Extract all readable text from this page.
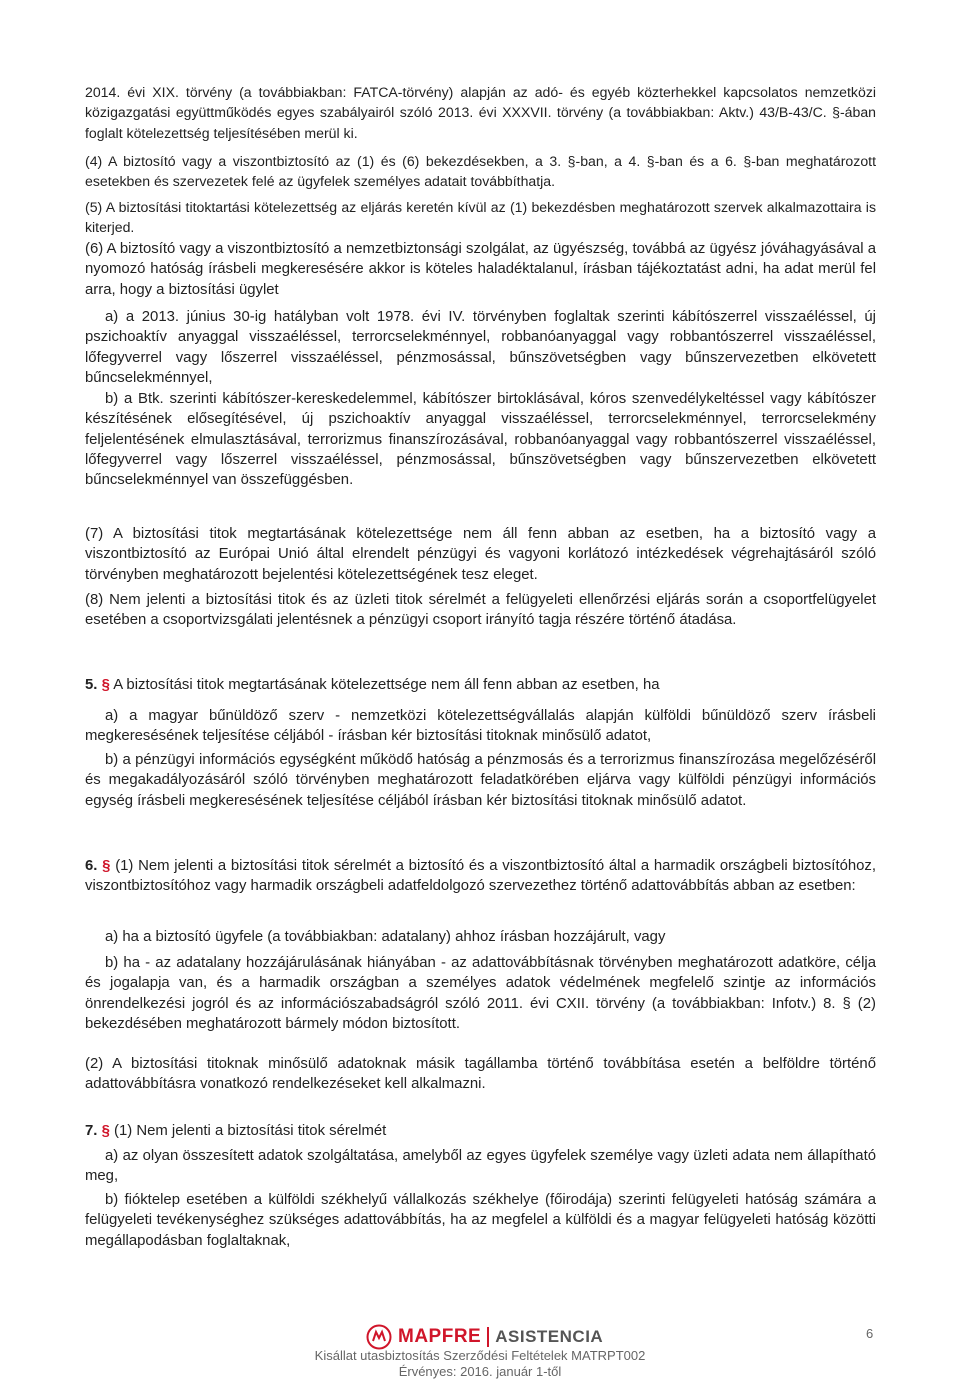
2014. évi XIX. törvény (a továbbiakban: FATCA-törvény) alapján az adó- és egyéb közterhekkel kapcsolatos nemzetközi közigazgatási együttműködés egyes szabályairól szóló 2013. évi XXXVII. törvény (a továbbiakban: Aktv.) 43/B-43/C. §-ában foglalt kötelezettség teljesítésében merül ki.

(4) A biztosító vagy a viszontbiztosító az (1) és (6) bekezdésekben, a 3. §-ban, a 4. §-ban és a 6. §-ban meghatározott esetekben és szervezetek felé az ügyfelek személyes adatait továbbíthatja.

(5) A biztosítási titoktartási kötelezettség az eljárás keretén kívül az (1) bekezdésben meghatározott szervek alkalmazottaira is kiterjed.

(6) A biztosító vagy a viszontbiztosító a nemzetbiztonsági szolgálat, az ügyészség, továbbá az ügyész jóváhagyásával a nyomozó hatóság írásbeli megkeresésére akkor is köteles haladéktalanul, írásban tájékoztatást adni, ha adat merül fel arra, hogy a biztosítási ügylet

a) a 2013. június 30-ig hatályban volt 1978. évi IV. törvényben foglaltak szerinti kábítószerrel visszaéléssel, új pszichoaktív anyaggal visszaéléssel, terrorcselekménnyel, robbanóanyaggal vagy robbantószerrel visszaéléssel, lőfegyverrel vagy lőszerrel visszaéléssel, pénzmosással, bűnszövetségben vagy bűnszervezetben elkövetett bűncselekménnyel,

b) a Btk. szerinti kábítószer-kereskedelemmel, kábítószer birtoklásával, kóros szenvedélykeltéssel vagy kábítószer készítésének elősegítésével, új pszichoaktív anyaggal visszaéléssel, terrorcselekménnyel, terrorcselekmény feljelentésének elmulasztásával, terrorizmus finanszírozásával, robbanóanyaggal vagy robbantószerrel visszaéléssel, lőfegyverrel vagy lőszerrel visszaéléssel, pénzmosással, bűnszövetségben vagy bűnszervezetben elkövetett bűncselekménnyel van összefüggésben.

(7) A biztosítási titok megtartásának kötelezettsége nem áll fenn abban az esetben, ha a biztosító vagy a viszontbiztosító az Európai Unió által elrendelt pénzügyi és vagyoni korlátozó intézkedések végrehajtásáról szóló törvényben meghatározott bejelentési kötelezettségének tesz eleget.

(8) Nem jelenti a biztosítási titok és az üzleti titok sérelmét a felügyeleti ellenőrzési eljárás során a csoportfelügyelet esetében a csoportvizsgálati jelentésnek a pénzügyi csoport irányító tagja részére történő átadása.

5. § A biztosítási titok megtartásának kötelezettsége nem áll fenn abban az esetben, ha

a) a magyar bűnüldöző szerv - nemzetközi kötelezettségvállalás alapján külföldi bűnüldöző szerv írásbeli megkeresésének teljesítése céljából - írásban kér biztosítási titoknak minősülő adatot,

b) a pénzügyi információs egységként működő hatóság a pénzmosás és a terrorizmus finanszírozása megelőzéséről és megakadályozásáról szóló törvényben meghatározott feladatkörében eljárva vagy külföldi pénzügyi információs egység írásbeli megkeresésének teljesítése céljából írásban kér biztosítási titoknak minősülő adatot.

6. § (1) Nem jelenti a biztosítási titok sérelmét a biztosító és a viszontbiztosító által a harmadik országbeli biztosítóhoz, viszontbiztosítóhoz vagy harmadik országbeli adatfeldolgozó szervezethez történő adattovábbítás abban az esetben:

a) ha a biztosító ügyfele (a továbbiakban: adatalany) ahhoz írásban hozzájárult, vagy

b) ha - az adatalany hozzájárulásának hiányában - az adattovábbításnak törvényben meghatározott adatköre, célja és jogalapja van, és a harmadik országban a személyes adatok védelmének megfelelő szintje az információs önrendelkezési jogról és az információszabadságról szóló 2011. évi CXII. törvény (a továbbiakban: Infotv.) 8. § (2) bekezdésében meghatározott bármely módon biztosított.

(2) A biztosítási titoknak minősülő adatoknak másik tagállamba történő továbbítása esetén a belföldre történő adattovábbításra vonatkozó rendelkezéseket kell alkalmazni.

7. § (1) Nem jelenti a biztosítási titok sérelmét

a) az olyan összesített adatok szolgáltatása, amelyből az egyes ügyfelek személye vagy üzleti adata nem állapítható meg,

b) fióktelep esetében a külföldi székhelyű vállalkozás székhelye (főirodája) szerinti felügyeleti hatóság számára a felügyeleti tevékenységhez szükséges adattovábbítás, ha az megfelel a külföldi és a magyar felügyeleti hatóság közötti megállapodásban foglaltaknak,

MAPFRE ASISTENCIA	6
Kisállat utasbiztosítás Szerződési Feltételek MATRPT002
Érvényes: 2016. január 1-től
